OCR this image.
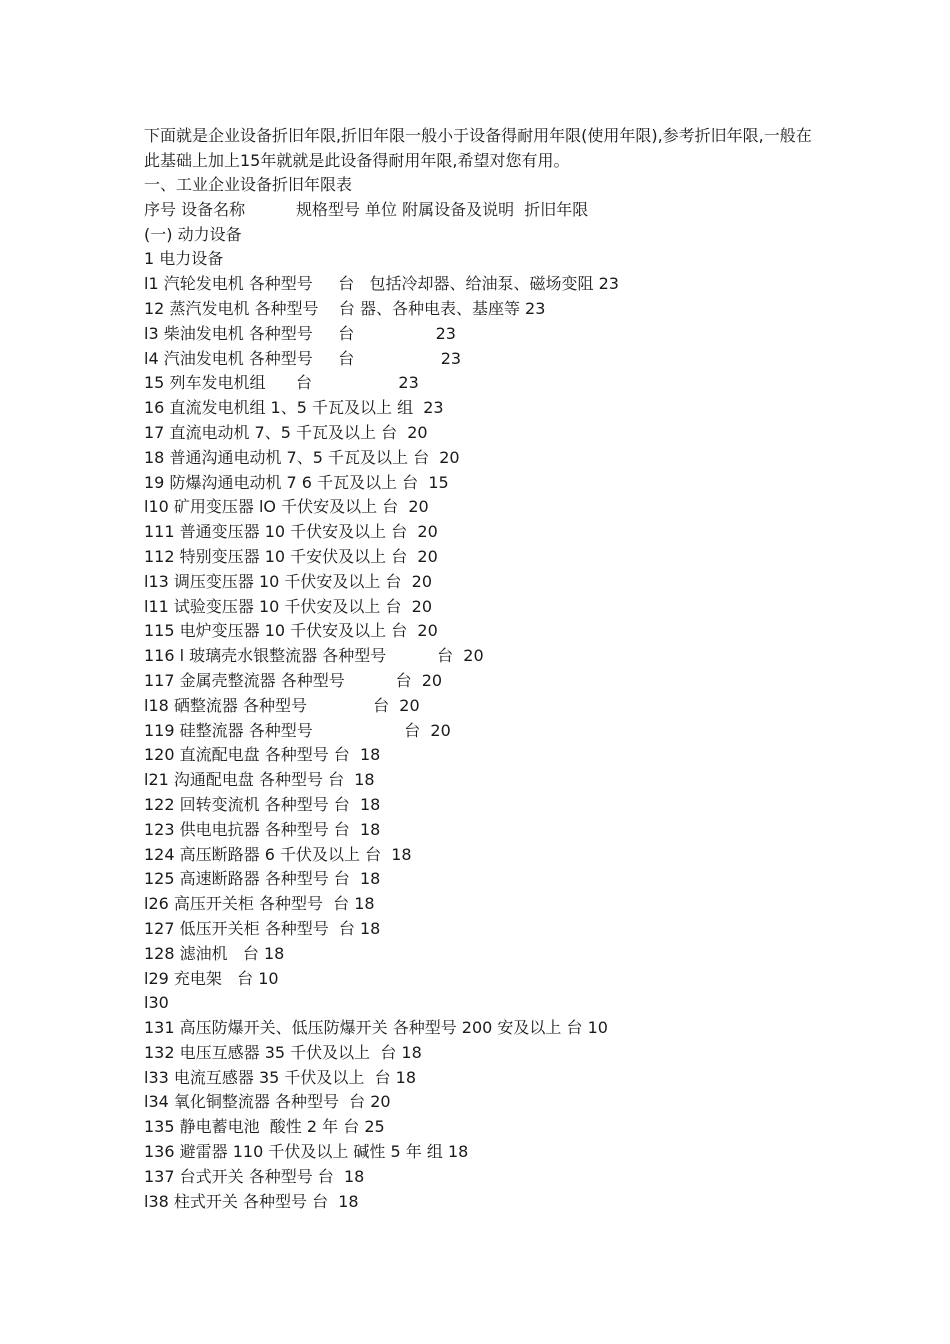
下面就是企业设备折旧年限,折旧年限一般小于设备得耐用年限(使用年限),参考折旧年限,一般在此基础上加上15年就就是此设备得耐用年限,希望对您有用。

一、工业企业设备折旧年限表
序号 设备名称          规格型号 单位 附属设备及说明  折旧年限
(一) 动力设备
1 电力设备
l1 汽轮发电机 各种型号     台   包括冷却器、给油泵、磁场变阻 23
12 蒸汽发电机 各种型号    台 器、各种电表、基座等 23
l3 柴油发电机 各种型号     台                23
l4 汽油发电机 各种型号     台                 23
15 列车发电机组      台                 23
16 直流发电机组 1、5 千瓦及以上 组  23
17 直流电动机 7、5 千瓦及以上 台  20
18 普通沟通电动机 7、5 千瓦及以上 台  20
19 防爆沟通电动机 7 6 千瓦及以上 台  15
l10 矿用变压器 lO 千伏安及以上 台  20
111 普通变压器 10 千伏安及以上 台  20
112 特别变压器 10 千安伏及以上 台  20
l13 调压变压器 10 千伏安及以上 台  20
l11 试验变压器 10 千伏安及以上 台  20
115 电炉变压器 10 千伏安及以上 台  20
116 l 玻璃壳水银整流器 各种型号          台  20
117 金属壳整流器 各种型号          台  20
l18 硒整流器 各种型号             台  20
119 硅整流器 各种型号                  台  20
120 直流配电盘 各种型号 台  18
l21 沟通配电盘 各种型号 台  18
122 回转变流机 各种型号 台  18
123 供电电抗器 各种型号 台  18
124 高压断路器 6 千伏及以上 台  18
125 高速断路器 各种型号 台  18
l26 高压开关柜 各种型号  台 18
127 低压开关柜 各种型号  台 18
128 滤油机   台 18
l29 充电架   台 10
l30
131 高压防爆开关、低压防爆开关 各种型号 200 安及以上 台 10
132 电压互感器 35 千伏及以上  台 18
l33 电流互感器 35 千伏及以上  台 18
l34 氧化铜整流器 各种型号  台 20
135 静电蓄电池  酸性 2 年 台 25
136 避雷器 110 千伏及以上 碱性 5 年 组 18
137 台式开关 各种型号 台  18
l38 柱式开关 各种型号 台  18
